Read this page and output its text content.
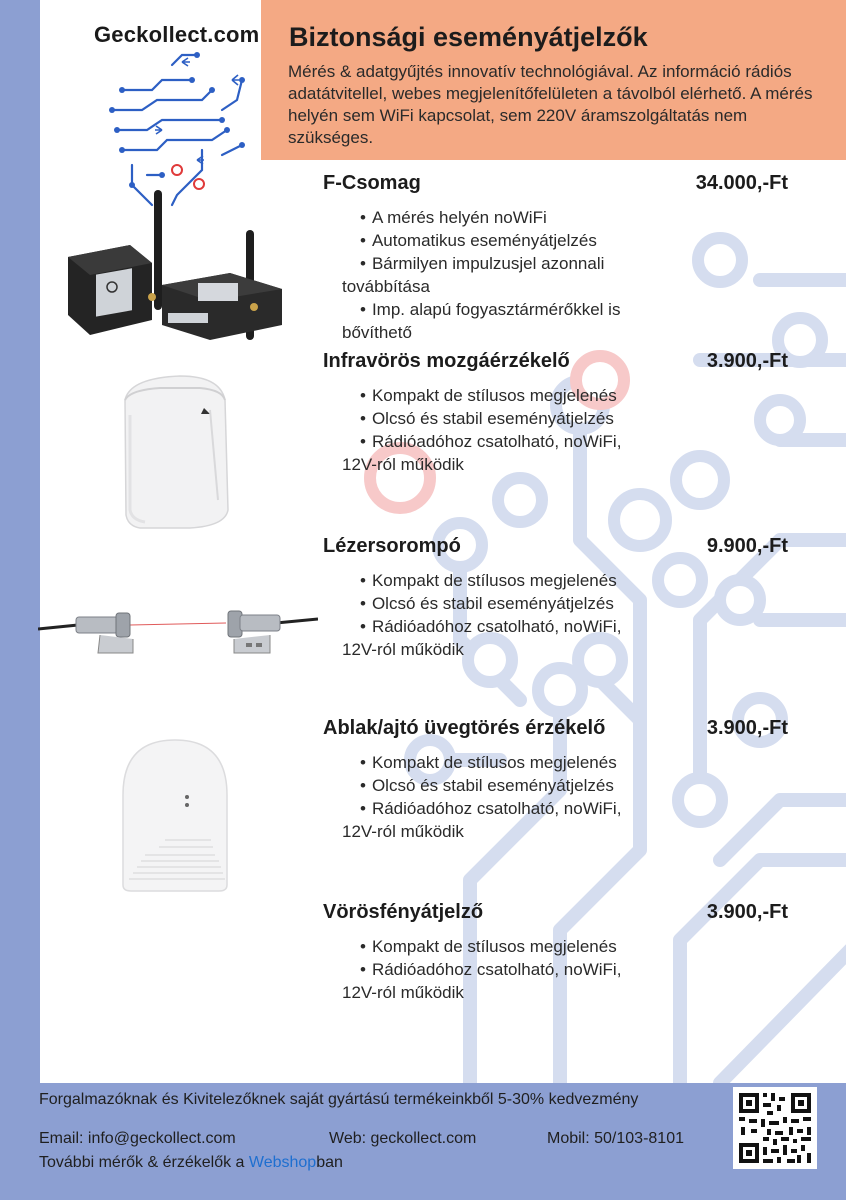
Biztonsági eseményátjelzők

Mérés & adatgyűjtés innovatív technológiával. Az információ rádiós adatátvitellel, webes megjelenítőfelületen a távolból elérhető. A mérés helyén sem WiFi kapcsolat, sem 220V áramszolgáltatás nem szükséges.

Geckollect.com
F-Csomag	34.000,-Ft
• A mérés helyén noWiFi
• Automatikus eseményátjelzés
• Bármilyen impulzusjel azonnali
továbbítása
• Imp. alapú fogyasztármérőkkel is
bővíthető
Infravörös mozgáérzékelő	3.900,-Ft
• Kompakt de stílusos megjelenés
• Olcsó és stabil eseményátjelzés
• Rádióadóhoz csatolható, noWiFi,
12V-ról működik
Lézersorompó	9.900,-Ft
• Kompakt de stílusos megjelenés
• Olcsó és stabil eseményátjelzés
• Rádióadóhoz csatolható, noWiFi,
12V-ról működik
Ablak/ajtó üvegtörés érzékelő	3.900,-Ft
• Kompakt de stílusos megjelenés
• Olcsó és stabil eseményátjelzés
• Rádióadóhoz csatolható, noWiFi,
12V-ról működik
Vörösfényátjelző	3.900,-Ft
• Kompakt de stílusos megjelenés
• Rádióadóhoz csatolható, noWiFi,
12V-ról működik
Forgalmazóknak és Kivitelezőknek saját gyártású termékeinkből 5-30% kedvezmény
Email: info@geckollect.com	Web: geckollect.com	Mobil: 50/103-8101
További mérők & érzékelők a Webshopban
